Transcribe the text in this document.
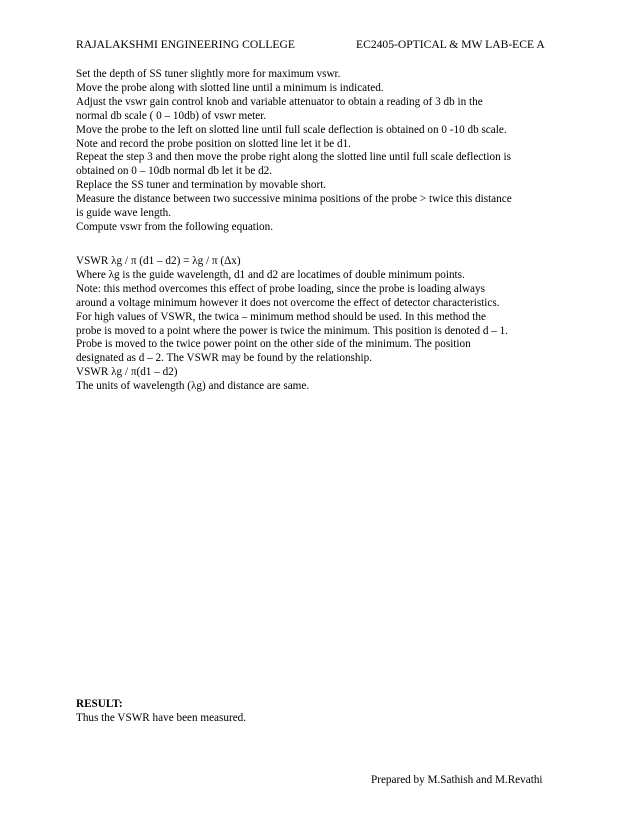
RAJALAKSHMI ENGINEERING COLLEGE	EC2405-OPTICAL & MW LAB-ECE A
Set the depth of SS tuner slightly more for maximum vswr.
Move the probe along with slotted line until a minimum is indicated.
Adjust the vswr gain control knob and variable attenuator to obtain a reading of 3 db in the
normal db scale ( 0 – 10db) of vswr meter.
Move the probe to the left on slotted line until full scale deflection is obtained on 0 -10 db scale.
Note and record the probe position on slotted line let it be d1.
Repeat the step 3 and then move the probe right along the slotted line until full scale deflection is
obtained on 0 – 10db normal db let it be d2.
Replace the SS tuner and termination by movable short.
Measure the distance between two successive minima positions of the probe > twice this distance
is guide wave length.
Compute vswr from the following equation.
VSWR λg / π (d1 – d2) = λg / π (Δx)
Where λg is the guide wavelength, d1 and d2 are locatimes of double minimum points.
Note: this method overcomes this effect of probe loading, since the probe is loading always
around a voltage minimum however it does not overcome the effect of detector characteristics.
For high values of VSWR, the twica – minimum method should be used. In this method the
probe is moved to a point where the power is twice the minimum. This position is denoted d – 1.
Probe is moved to the twice power point on the other side of the minimum. The position
designated as d – 2. The VSWR may be found by the relationship.
VSWR λg / π(d1 – d2)
The units of wavelength (λg) and distance are same.
RESULT:
Thus the VSWR have been measured.
Prepared by M.Sathish and M.Revathi
